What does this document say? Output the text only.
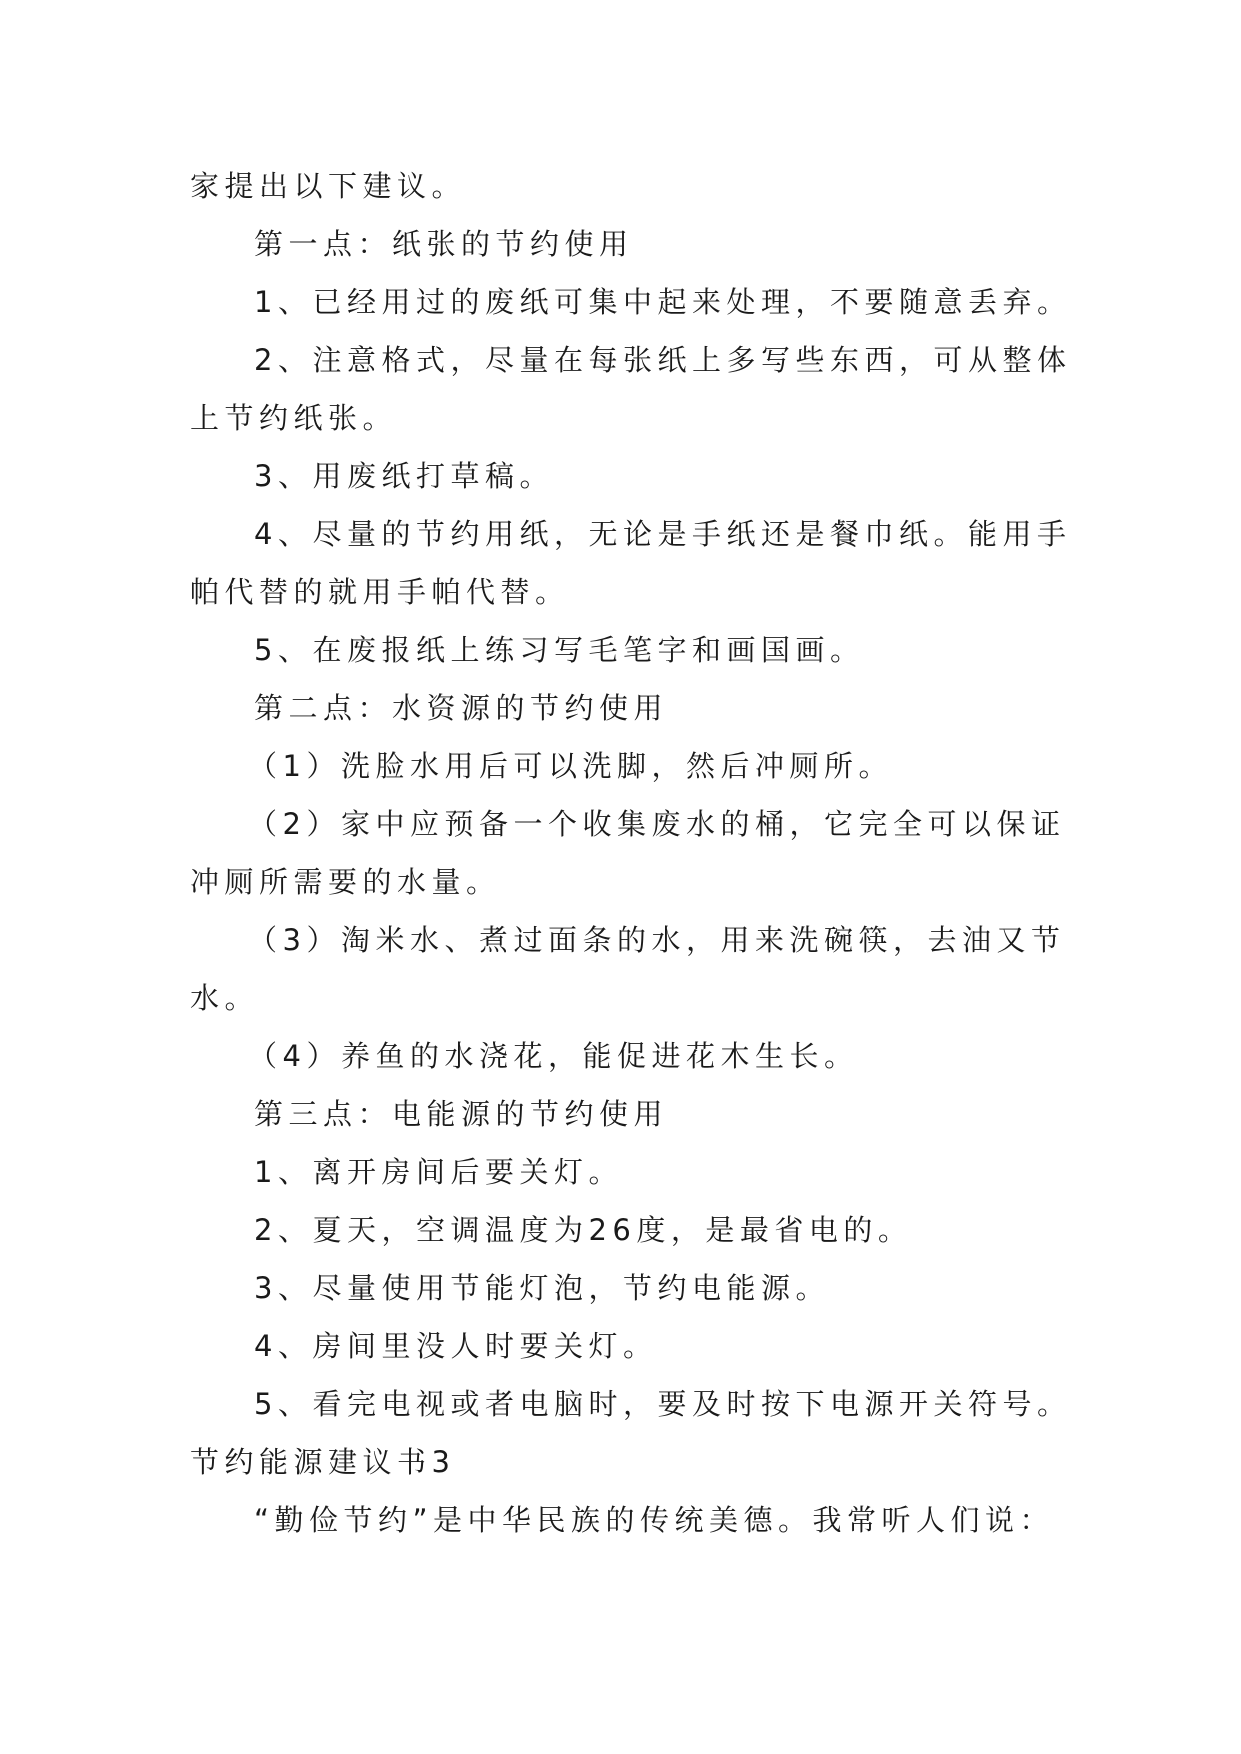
家提出以下建议。
第一点：纸张的节约使用
1、已经用过的废纸可集中起来处理，不要随意丢弃。
2、注意格式，尽量在每张纸上多写些东西，可从整体
上节约纸张。
3、用废纸打草稿。
4、尽量的节约用纸，无论是手纸还是餐巾纸。能用手
帕代替的就用手帕代替。
5、在废报纸上练习写毛笔字和画国画。
第二点：水资源的节约使用
（1）洗脸水用后可以洗脚，然后冲厕所。
（2）家中应预备一个收集废水的桶，它完全可以保证
冲厕所需要的水量。
（3）淘米水、煮过面条的水，用来洗碗筷，去油又节
水。
（4）养鱼的水浇花，能促进花木生长。
第三点：电能源的节约使用
1、离开房间后要关灯。
2、夏天，空调温度为26度，是最省电的。
3、尽量使用节能灯泡，节约电能源。
4、房间里没人时要关灯。
5、看完电视或者电脑时，要及时按下电源开关符号。
节约能源建议书3
“勤俭节约”是中华民族的传统美德。我常听人们说：
